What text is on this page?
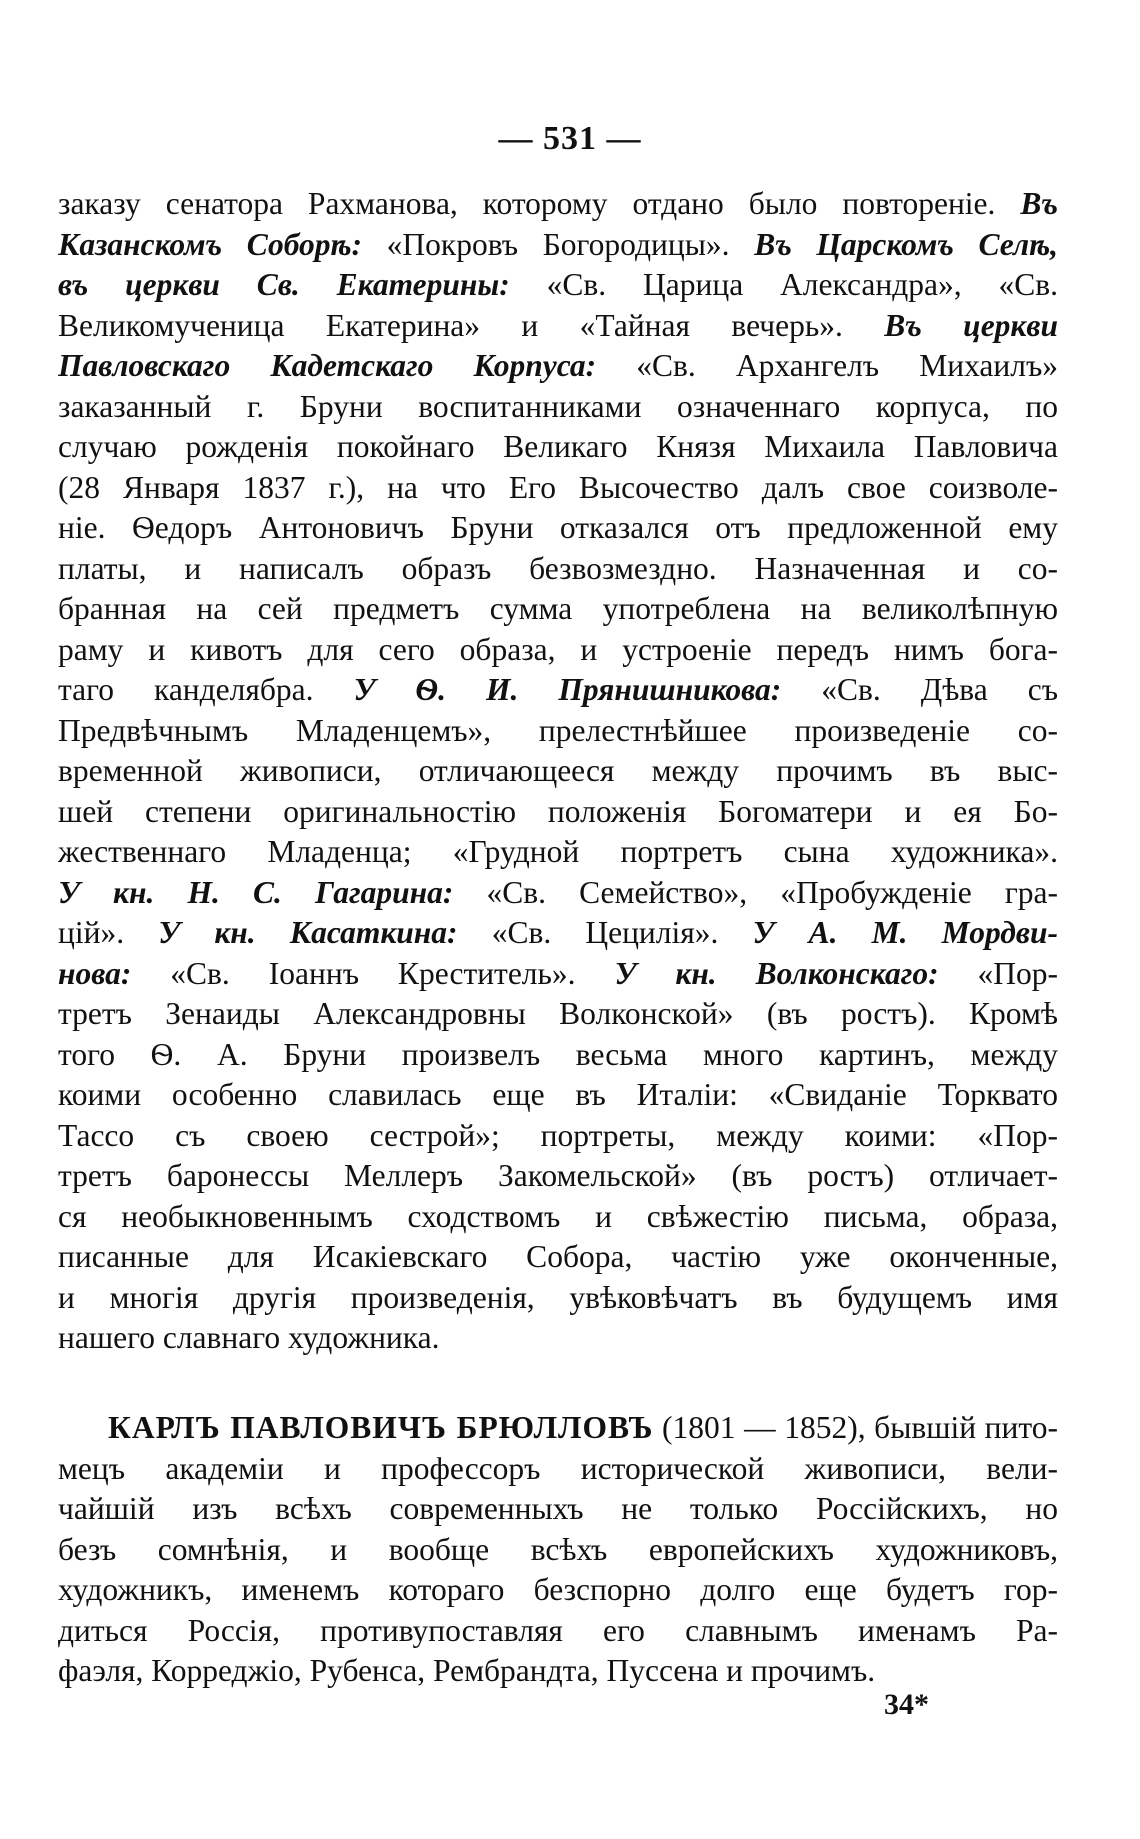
— 531 —
заказу сенатора Рахманова, которому отдано было повтореніе. Въ
Казанскомъ Соборѣ: «Покровъ Богородицы». Въ Царскомъ Селѣ,
въ церкви Св. Екатерины: «Св. Царица Александра», «Св.
Великомученица Екатерина» и «Тайная вечерь». Въ церкви
Павловскаго Кадетскаго Корпуса: «Св. Архангелъ Михаилъ»
заказанный г. Бруни воспитанниками означеннаго корпуса, по
случаю рожденія покойнаго Великаго Князя Михаила Павловича
(28 Января 1837 г.), на что Его Высочество далъ свое соизволе-
ніе. Ѳедоръ Антоновичъ Бруни отказался отъ предложенной ему
платы, и написалъ образъ безвозмездно. Назначенная и со-
бранная на сей предметъ сумма употреблена на великолѣпную
раму и кивотъ для сего образа, и устроеніе передъ нимъ бога-
таго канделябра. У Ѳ. И. Прянишникова: «Св. Дѣва съ
Предвѣчнымъ Младенцемъ», прелестнѣйшее произведеніе со-
временной живописи, отличающееся между прочимъ въ выс-
шей степени оригинальностію положенія Богоматери и ея Бо-
жественнаго Младенца; «Грудной портретъ сына художника».
У кн. Н. С. Гагарина: «Св. Семейство», «Пробужденіе гра-
цій». У кн. Касаткина: «Св. Цецилія». У А. М. Мордви-
нова: «Св. Іоаннъ Креститель». У кн. Волконскаго: «Пор-
третъ Зенаиды Александровны Волконской» (въ ростъ). Кромѣ
того Ѳ. А. Бруни произвелъ весьма много картинъ, между
коими особенно славилась еще въ Италіи: «Свиданіе Торквато
Тассо съ своею сестрой»; портреты, между коими: «Пор-
третъ баронессы Меллеръ Закомельской» (въ ростъ) отличает-
ся необыкновеннымъ сходствомъ и свѣжестію письма, образа,
писанные для Исакіевскаго Собора, частію уже оконченные,
и многія другія произведенія, увѣковѣчатъ въ будущемъ имя
нашего славнаго художника.
КАРЛЪ ПАВЛОВИЧЪ БРЮЛЛОВЪ (1801 — 1852), бывшій пито-
мецъ академіи и профессоръ исторической живописи, вели-
чайшій изъ всѣхъ современныхъ не только Россійскихъ, но
безъ сомнѣнія, и вообще всѣхъ европейскихъ художниковъ,
художникъ, именемъ котораго безспорно долго еще будетъ гор-
диться Россія, противупоставляя его славнымъ именамъ Ра-
фаэля, Корреджіо, Рубенса, Рембрандта, Пуссена и прочимъ.
34*
